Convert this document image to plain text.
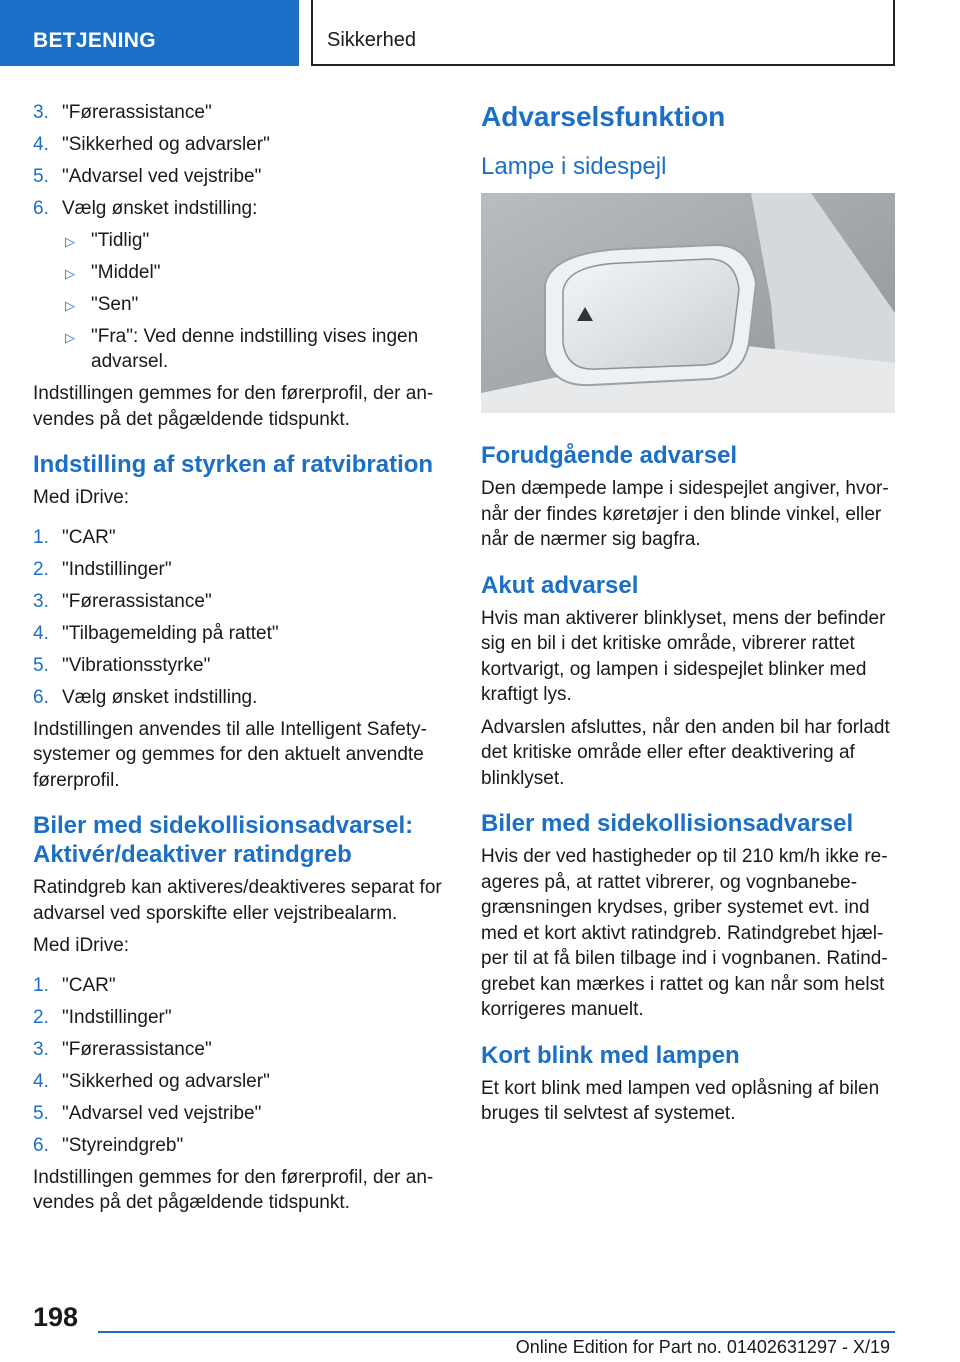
BETJENING	Sikkerhed
3. "Førerassistance"
4. "Sikkerhed og advarsler"
5. "Advarsel ved vejstribe"
6. Vælg ønsket indstilling:
▷ "Tidlig"
▷ "Middel"
▷ "Sen"
▷ "Fra": Ved denne indstilling vises ingen advarsel.

Indstillingen gemmes for den førerprofil, der an-vendes på det pågældende tidspunkt.

Indstilling af styrken af ratvibration

Med iDrive:

1. "CAR"
2. "Indstillinger"
3. "Førerassistance"
4. "Tilbagemelding på rattet"
5. "Vibrationsstyrke"
6. Vælg ønsket indstilling.

Indstillingen anvendes til alle Intelligent Safety-systemer og gemmes for den aktuelt anvendte førerprofil.

Biler med sidekollisionsadvarsel: Aktivér/deaktiver ratindgreb

Ratindgreb kan aktiveres/deaktiveres separat for advarsel ved sporskifte eller vejstribealarm.

Med iDrive:

1. "CAR"
2. "Indstillinger"
3. "Førerassistance"
4. "Sikkerhed og advarsler"
5. "Advarsel ved vejstribe"
6. "Styreindgreb"

Indstillingen gemmes for den førerprofil, der an-vendes på det pågældende tidspunkt.

Advarselsfunktion
Lampe i sidespejl
Forudgående advarsel

Den dæmpede lampe i sidespejlet angiver, hvor-når der findes køretøjer i den blinde vinkel, eller når de nærmer sig bagfra.

Akut advarsel

Hvis man aktiverer blinklyset, mens der befinder sig en bil i det kritiske område, vibrerer rattet kortvarigt, og lampen i sidespejlet blinker med kraftigt lys.

Advarslen afsluttes, når den anden bil har forladt det kritiske område eller efter deaktivering af blinklyset.

Biler med sidekollisionsadvarsel

Hvis der ved hastigheder op til 210 km/h ikke re-ageres på, at rattet vibrerer, og vognbanebe-grænsningen krydses, griber systemet evt. ind med et kort aktivt ratindgreb. Ratindgrebet hjæl-per til at få bilen tilbage ind i vognbanen. Ratind-grebet kan mærkes i rattet og kan når som helst korrigeres manuelt.

Kort blink med lampen

Et kort blink med lampen ved oplåsning af bilen bruges til selvtest af systemet.

198
Online Edition for Part no. 01402631297 - X/19
